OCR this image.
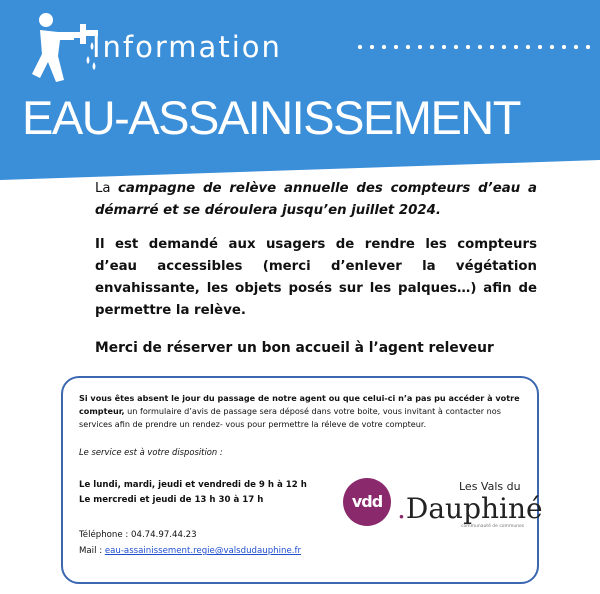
Information
EAU-ASSAINISSEMENT
La campagne de relève annuelle des compteurs d’eau a démarré et se déroulera jusqu’en juillet 2024.
Il est demandé aux usagers de rendre les compteurs d’eau accessibles (merci d’enlever la végétation envahissante, les objets posés sur les palques…) afin de permettre la relève.
Merci de réserver un bon accueil à l’agent releveur
Si vous êtes absent le jour du passage de notre agent ou que celui-ci n’a pas pu accéder à votre compteur, un formulaire d’avis de passage sera déposé dans votre boite, vous invitant à contacter nos services afin de prendre un rendez- vous pour permettre la réleve de votre compteur.
Le service est à votre disposition :
Le lundi, mardi, jeudi et vendredi de 9 h à 12 h
Le mercredi et jeudi de 13 h 30 à 17 h
Téléphone : 04.74.97.44.23
Mail : eau-assainissement.regie@valsdudauphine.fr
vdd
Les Vals du
.Dauphiné
communauté de communes
